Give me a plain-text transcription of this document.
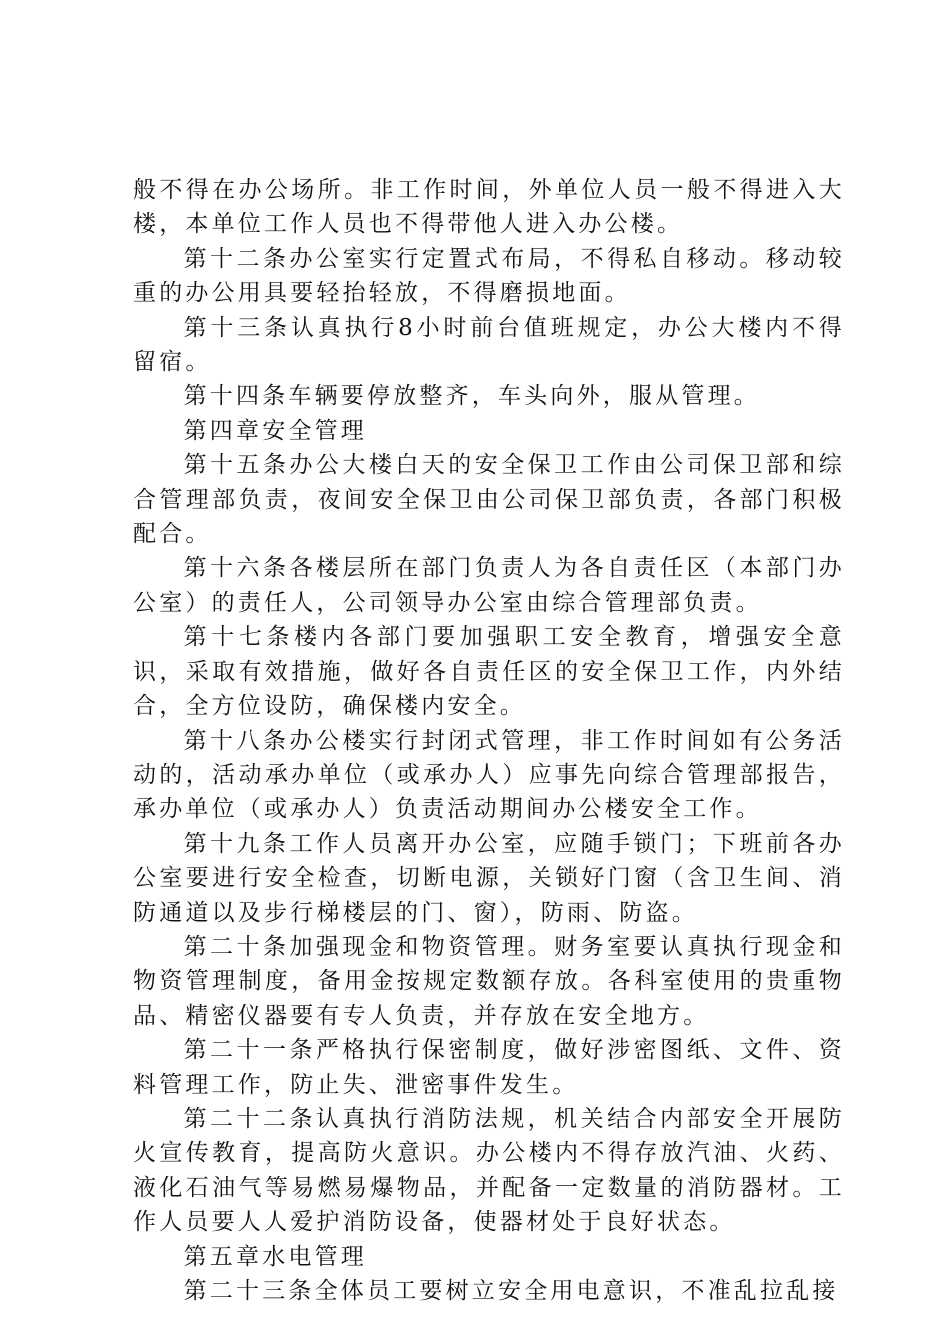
般不得在办公场所。非工作时间，外单位人员一般不得进入大楼，本单位工作人员也不得带他人进入办公楼。

第十二条办公室实行定置式布局，不得私自移动。移动较重的办公用具要轻抬轻放，不得磨损地面。

第十三条认真执行8小时前台值班规定，办公大楼内不得留宿。

第十四条车辆要停放整齐，车头向外，服从管理。

第四章安全管理

第十五条办公大楼白天的安全保卫工作由公司保卫部和综合管理部负责，夜间安全保卫由公司保卫部负责，各部门积极配合。

第十六条各楼层所在部门负责人为各自责任区（本部门办公室）的责任人，公司领导办公室由综合管理部负责。

第十七条楼内各部门要加强职工安全教育，增强安全意识，采取有效措施，做好各自责任区的安全保卫工作，内外结合，全方位设防，确保楼内安全。

第十八条办公楼实行封闭式管理，非工作时间如有公务活动的，活动承办单位（或承办人）应事先向综合管理部报告，承办单位（或承办人）负责活动期间办公楼安全工作。

第十九条工作人员离开办公室，应随手锁门；下班前各办公室要进行安全检查，切断电源，关锁好门窗（含卫生间、消防通道以及步行梯楼层的门、窗），防雨、防盗。

第二十条加强现金和物资管理。财务室要认真执行现金和物资管理制度，备用金按规定数额存放。各科室使用的贵重物品、精密仪器要有专人负责，并存放在安全地方。

第二十一条严格执行保密制度，做好涉密图纸、文件、资料管理工作，防止失、泄密事件发生。

第二十二条认真执行消防法规，机关结合内部安全开展防火宣传教育，提高防火意识。办公楼内不得存放汽油、火药、液化石油气等易燃易爆物品，并配备一定数量的消防器材。工作人员要人人爱护消防设备，使器材处于良好状态。

第五章水电管理

第二十三条全体员工要树立安全用电意识，不准乱拉乱接
